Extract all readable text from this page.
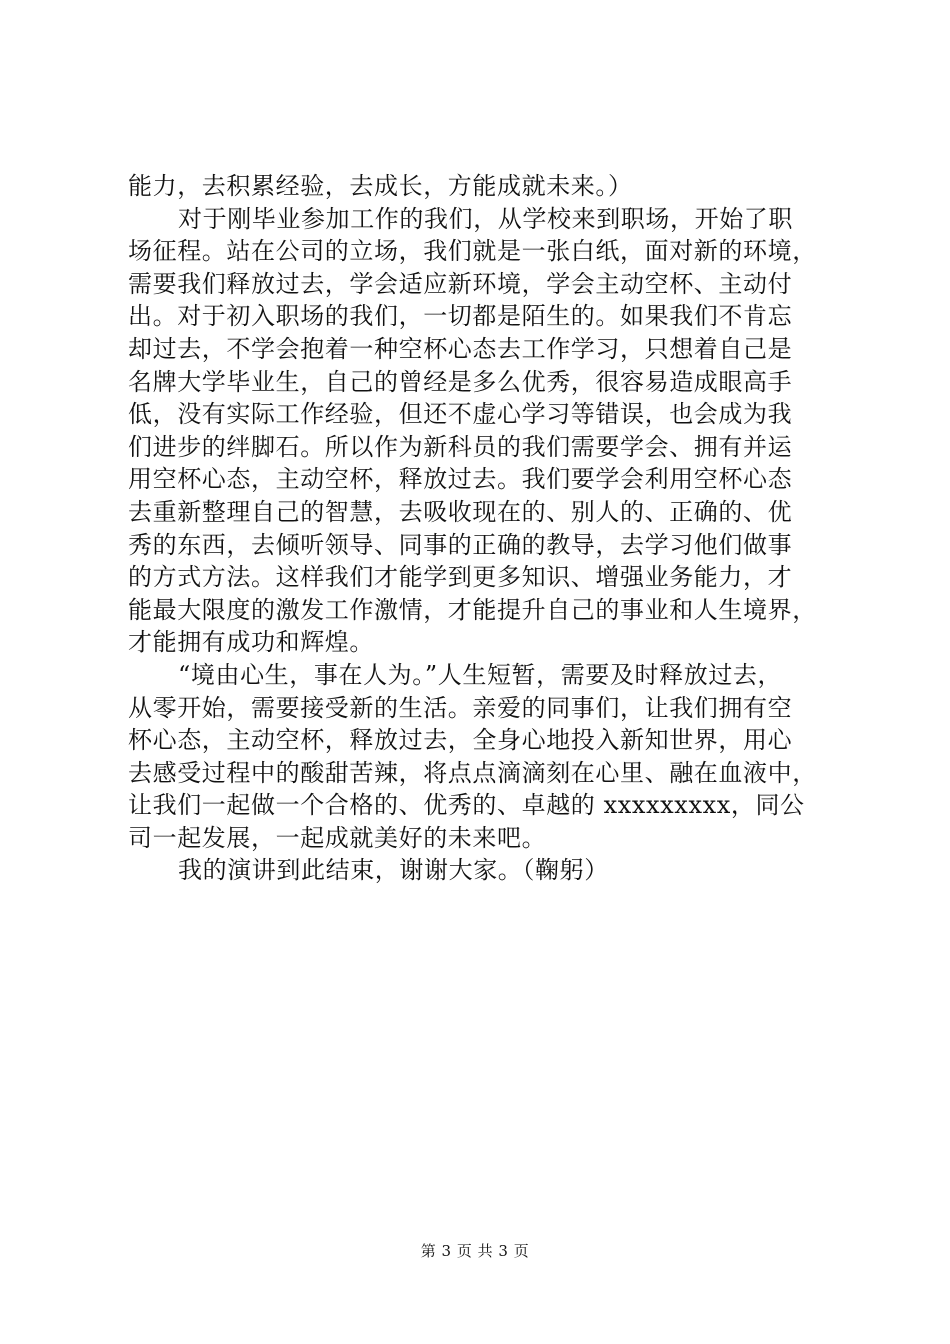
能力，去积累经验，去成长，方能成就未来。）
对于刚毕业参加工作的我们，从学校来到职场，开始了职
场征程。站在公司的立场，我们就是一张白纸，面对新的环境，
需要我们释放过去，学会适应新环境，学会主动空杯、主动付
出。对于初入职场的我们，一切都是陌生的。如果我们不肯忘
却过去，不学会抱着一种空杯心态去工作学习，只想着自己是
名牌大学毕业生，自己的曾经是多么优秀，很容易造成眼高手
低，没有实际工作经验，但还不虚心学习等错误，也会成为我
们进步的绊脚石。所以作为新科员的我们需要学会、拥有并运
用空杯心态，主动空杯，释放过去。我们要学会利用空杯心态
去重新整理自己的智慧，去吸收现在的、别人的、正确的、优
秀的东西，去倾听领导、同事的正确的教导，去学习他们做事
的方式方法。这样我们才能学到更多知识、增强业务能力，才
能最大限度的激发工作激情，才能提升自己的事业和人生境界，
才能拥有成功和辉煌。
“境由心生，事在人为。”人生短暂，需要及时释放过去，
从零开始，需要接受新的生活。亲爱的同事们，让我们拥有空
杯心态，主动空杯，释放过去，全身心地投入新知世界，用心
去感受过程中的酸甜苦辣，将点点滴滴刻在心里、融在血液中，
让我们一起做一个合格的、优秀的、卓越的 xxxxxxxxx，同公
司一起发展，一起成就美好的未来吧。
我的演讲到此结束，谢谢大家。（鞠躬）
第 3 页 共 3 页
